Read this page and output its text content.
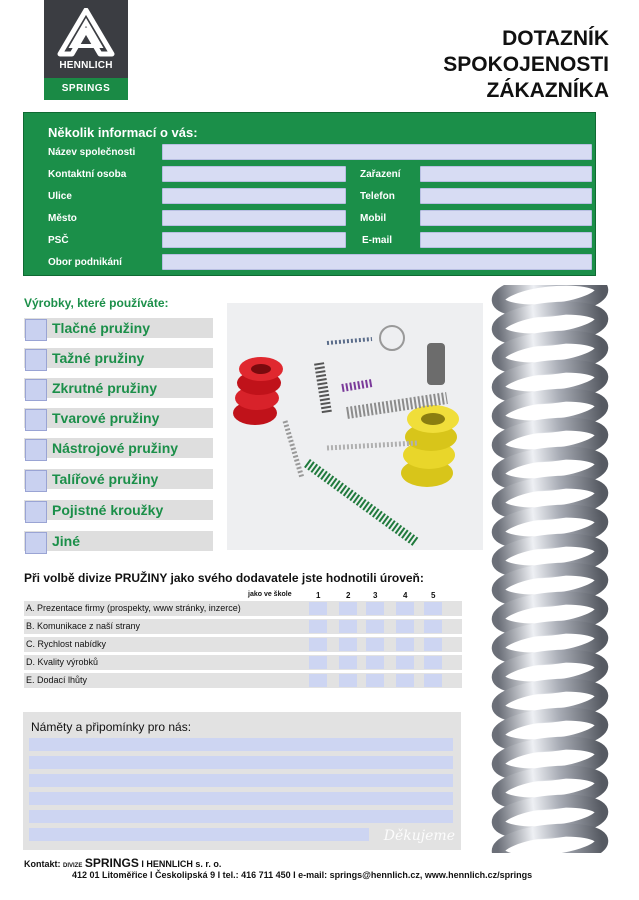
HENNLICH
SPRINGS
DOTAZNÍK
SPOKOJENOSTI
ZÁKAZNÍKA
Několik informací o vás:
Název společnosti
Kontaktní osoba	Zařazení
Ulice	Telefon
Město	Mobil
PSČ	E-mail
Obor podnikání
Výrobky, které používáte:
Tlačné pružiny
Tažné pružiny
Zkrutné pružiny
Tvarové pružiny
Nástrojové pružiny
Talířové pružiny
Pojistné kroužky
Jiné
Při volbě divize PRUŽINY jako svého dodavatele jste hodnotili úroveň:
jako ve škole	1	2	3	4	5
A. Prezentace firmy (prospekty, www stránky, inzerce)
B. Komunikace z naší strany
C. Rychlost nabídky
D. Kvality výrobků
E. Dodací lhůty
Náměty a připomínky pro nás:
Děkujeme
Kontakt: DIVIZE SPRINGS I HENNLICH s. r. o.
412 01 Litoměřice I Českolipská 9 I tel.: 416 711 450 I e-mail: springs@hennlich.cz, www.hennlich.cz/springs
